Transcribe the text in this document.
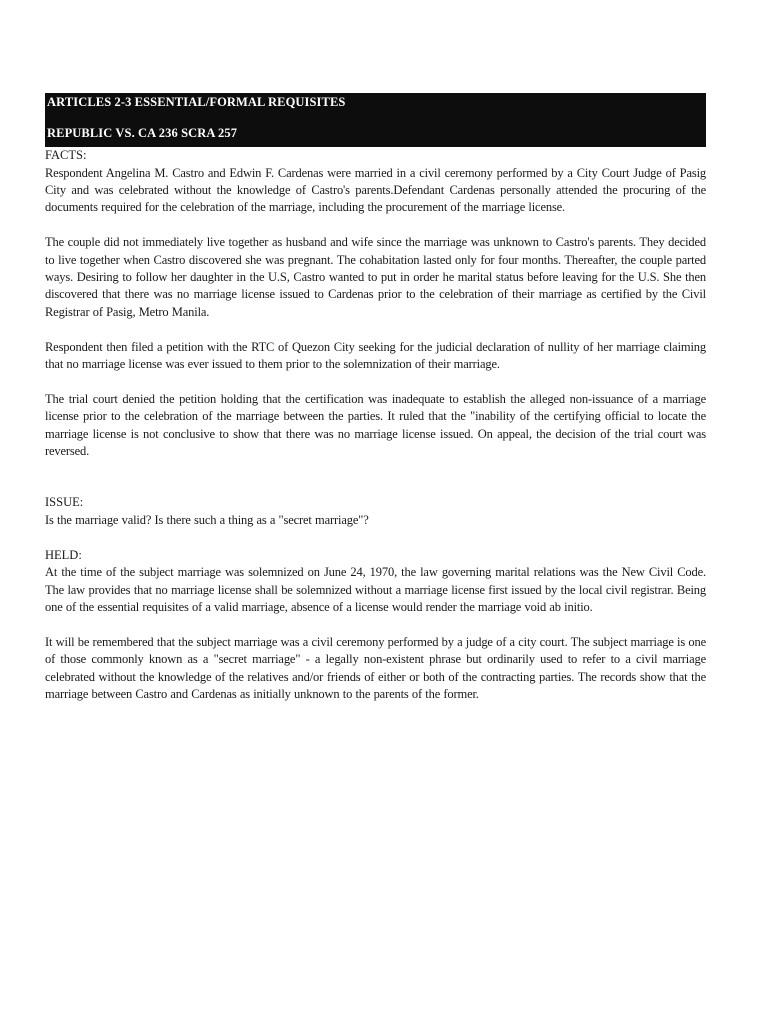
ARTICLES 2-3 ESSENTIAL/FORMAL REQUISITES
REPUBLIC VS. CA 236 SCRA 257

FACTS:

Respondent Angelina M. Castro and Edwin F. Cardenas were married in a civil ceremony performed by a City Court Judge of Pasig City and was celebrated without the knowledge of Castro's parents.Defendant Cardenas personally attended the procuring of the documents required for the celebration of the marriage, including the procurement of the marriage license.

The couple did not immediately live together as husband and wife since the marriage was unknown to Castro's parents. They decided to live together when Castro discovered she was pregnant. The cohabitation lasted only for four months. Thereafter, the couple parted ways. Desiring to follow her daughter in the U.S, Castro wanted to put in order he marital status before leaving for the U.S. She then discovered that there was no marriage license issued to Cardenas prior to the celebration of their marriage as certified by the Civil Registrar of Pasig, Metro Manila.

Respondent then filed a petition with the RTC of Quezon City seeking for the judicial declaration of nullity of her marriage claiming that no marriage license was ever issued to them prior to the solemnization of their marriage.

The trial court denied the petition holding that the certification was inadequate to establish the alleged non-issuance of a marriage license prior to the celebration of the marriage between the parties. It ruled that the "inability of the certifying official to locate the marriage license is not conclusive to show that there was no marriage license issued. On appeal, the decision of the trial court was reversed.

ISSUE:

Is the marriage valid? Is there such a thing as a "secret marriage"?

HELD:

At the time of the subject marriage was solemnized on June 24, 1970, the law governing marital relations was the New Civil Code. The law provides that no marriage license shall be solemnized without a marriage license first issued by the local civil registrar. Being one of the essential requisites of a valid marriage, absence of a license would render the marriage void ab initio.

It will be remembered that the subject marriage was a civil ceremony performed by a judge of a city court. The subject marriage is one of those commonly known as a "secret marriage" - a legally non-existent phrase but ordinarily used to refer to a civil marriage celebrated without the knowledge of the relatives and/or friends of either or both of the contracting parties. The records show that the marriage between Castro and Cardenas as initially unknown to the parents of the former.
